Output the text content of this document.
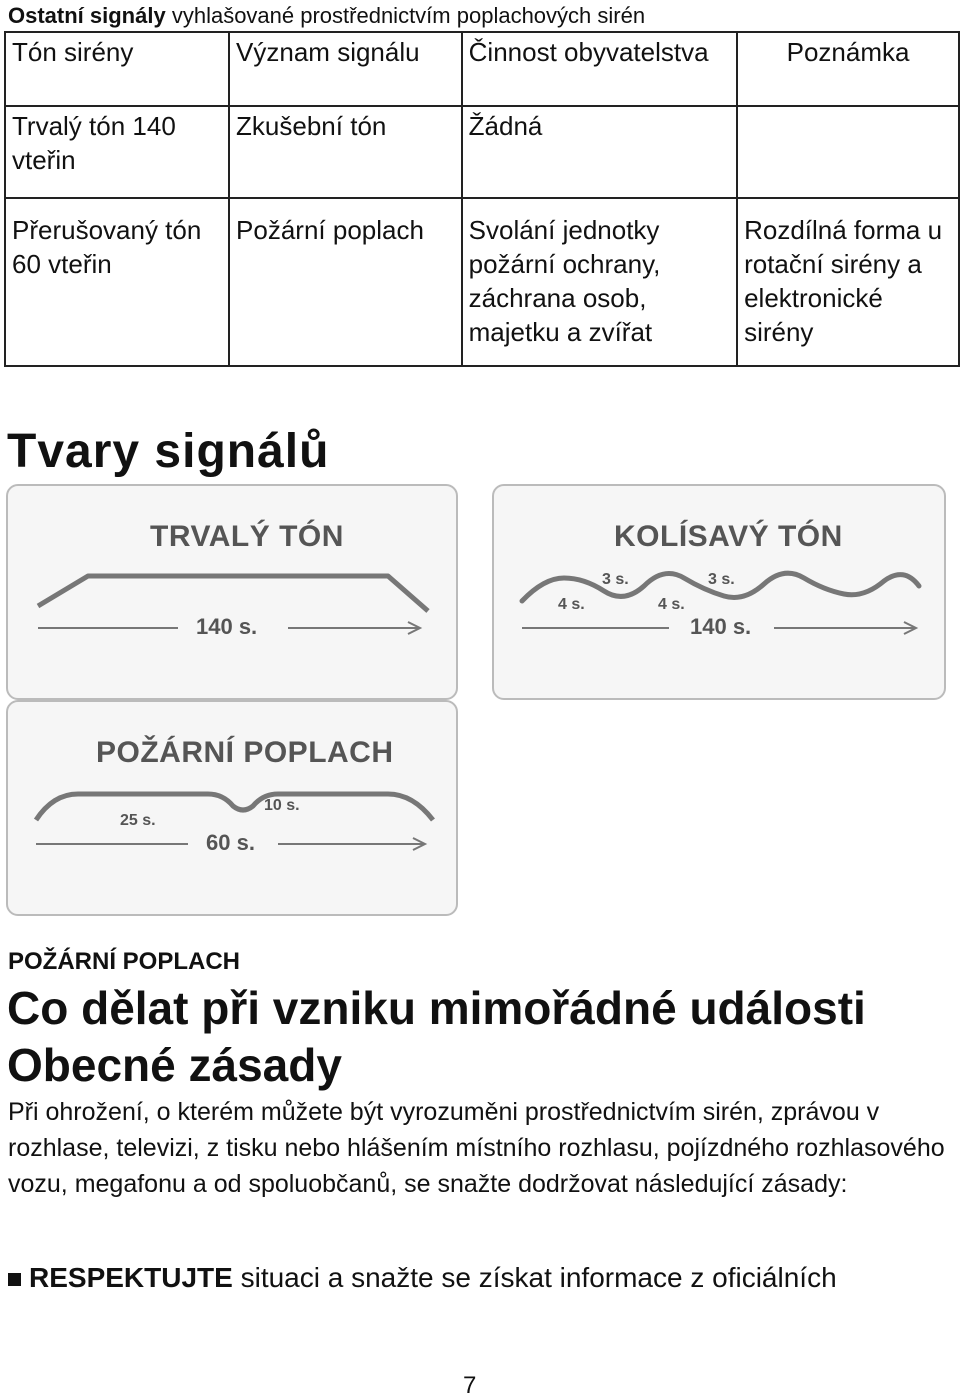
Ostatní signály vyhlašované prostřednictvím poplachových sirén
Tón sirény	Význam signálu	Činnost obyvatelstva	Poznámka
Trvalý tón 140 vteřin	Zkušební tón	Žádná	
Přerušovaný tón 60 vteřin	Požární poplach	Svolání jednotky požární ochrany, záchrana osob, majetku a zvířat	Rozdílná forma u rotační sirény a elektronické sirény
Tvary signálů
TRVALÝ TÓN
140 s.
KOLÍSAVÝ TÓN
4 s.
3 s.
4 s.
3 s.
140 s.
POŽÁRNÍ POPLACH
25 s.
10 s.
60 s.
POŽÁRNÍ POPLACH
Co dělat při vzniku mimořádné události
Obecné zásady
Při ohrožení, o kterém můžete být vyrozuměni prostřednictvím sirén, zprávou v rozhlase, televizi, z tisku nebo hlášením místního rozhlasu, pojízdného rozhlasového vozu, megafonu a od spoluobčanů, se snažte dodržovat následující zásady:
RESPEKTUJTE situaci a snažte se získat informace z oficiálních
7
